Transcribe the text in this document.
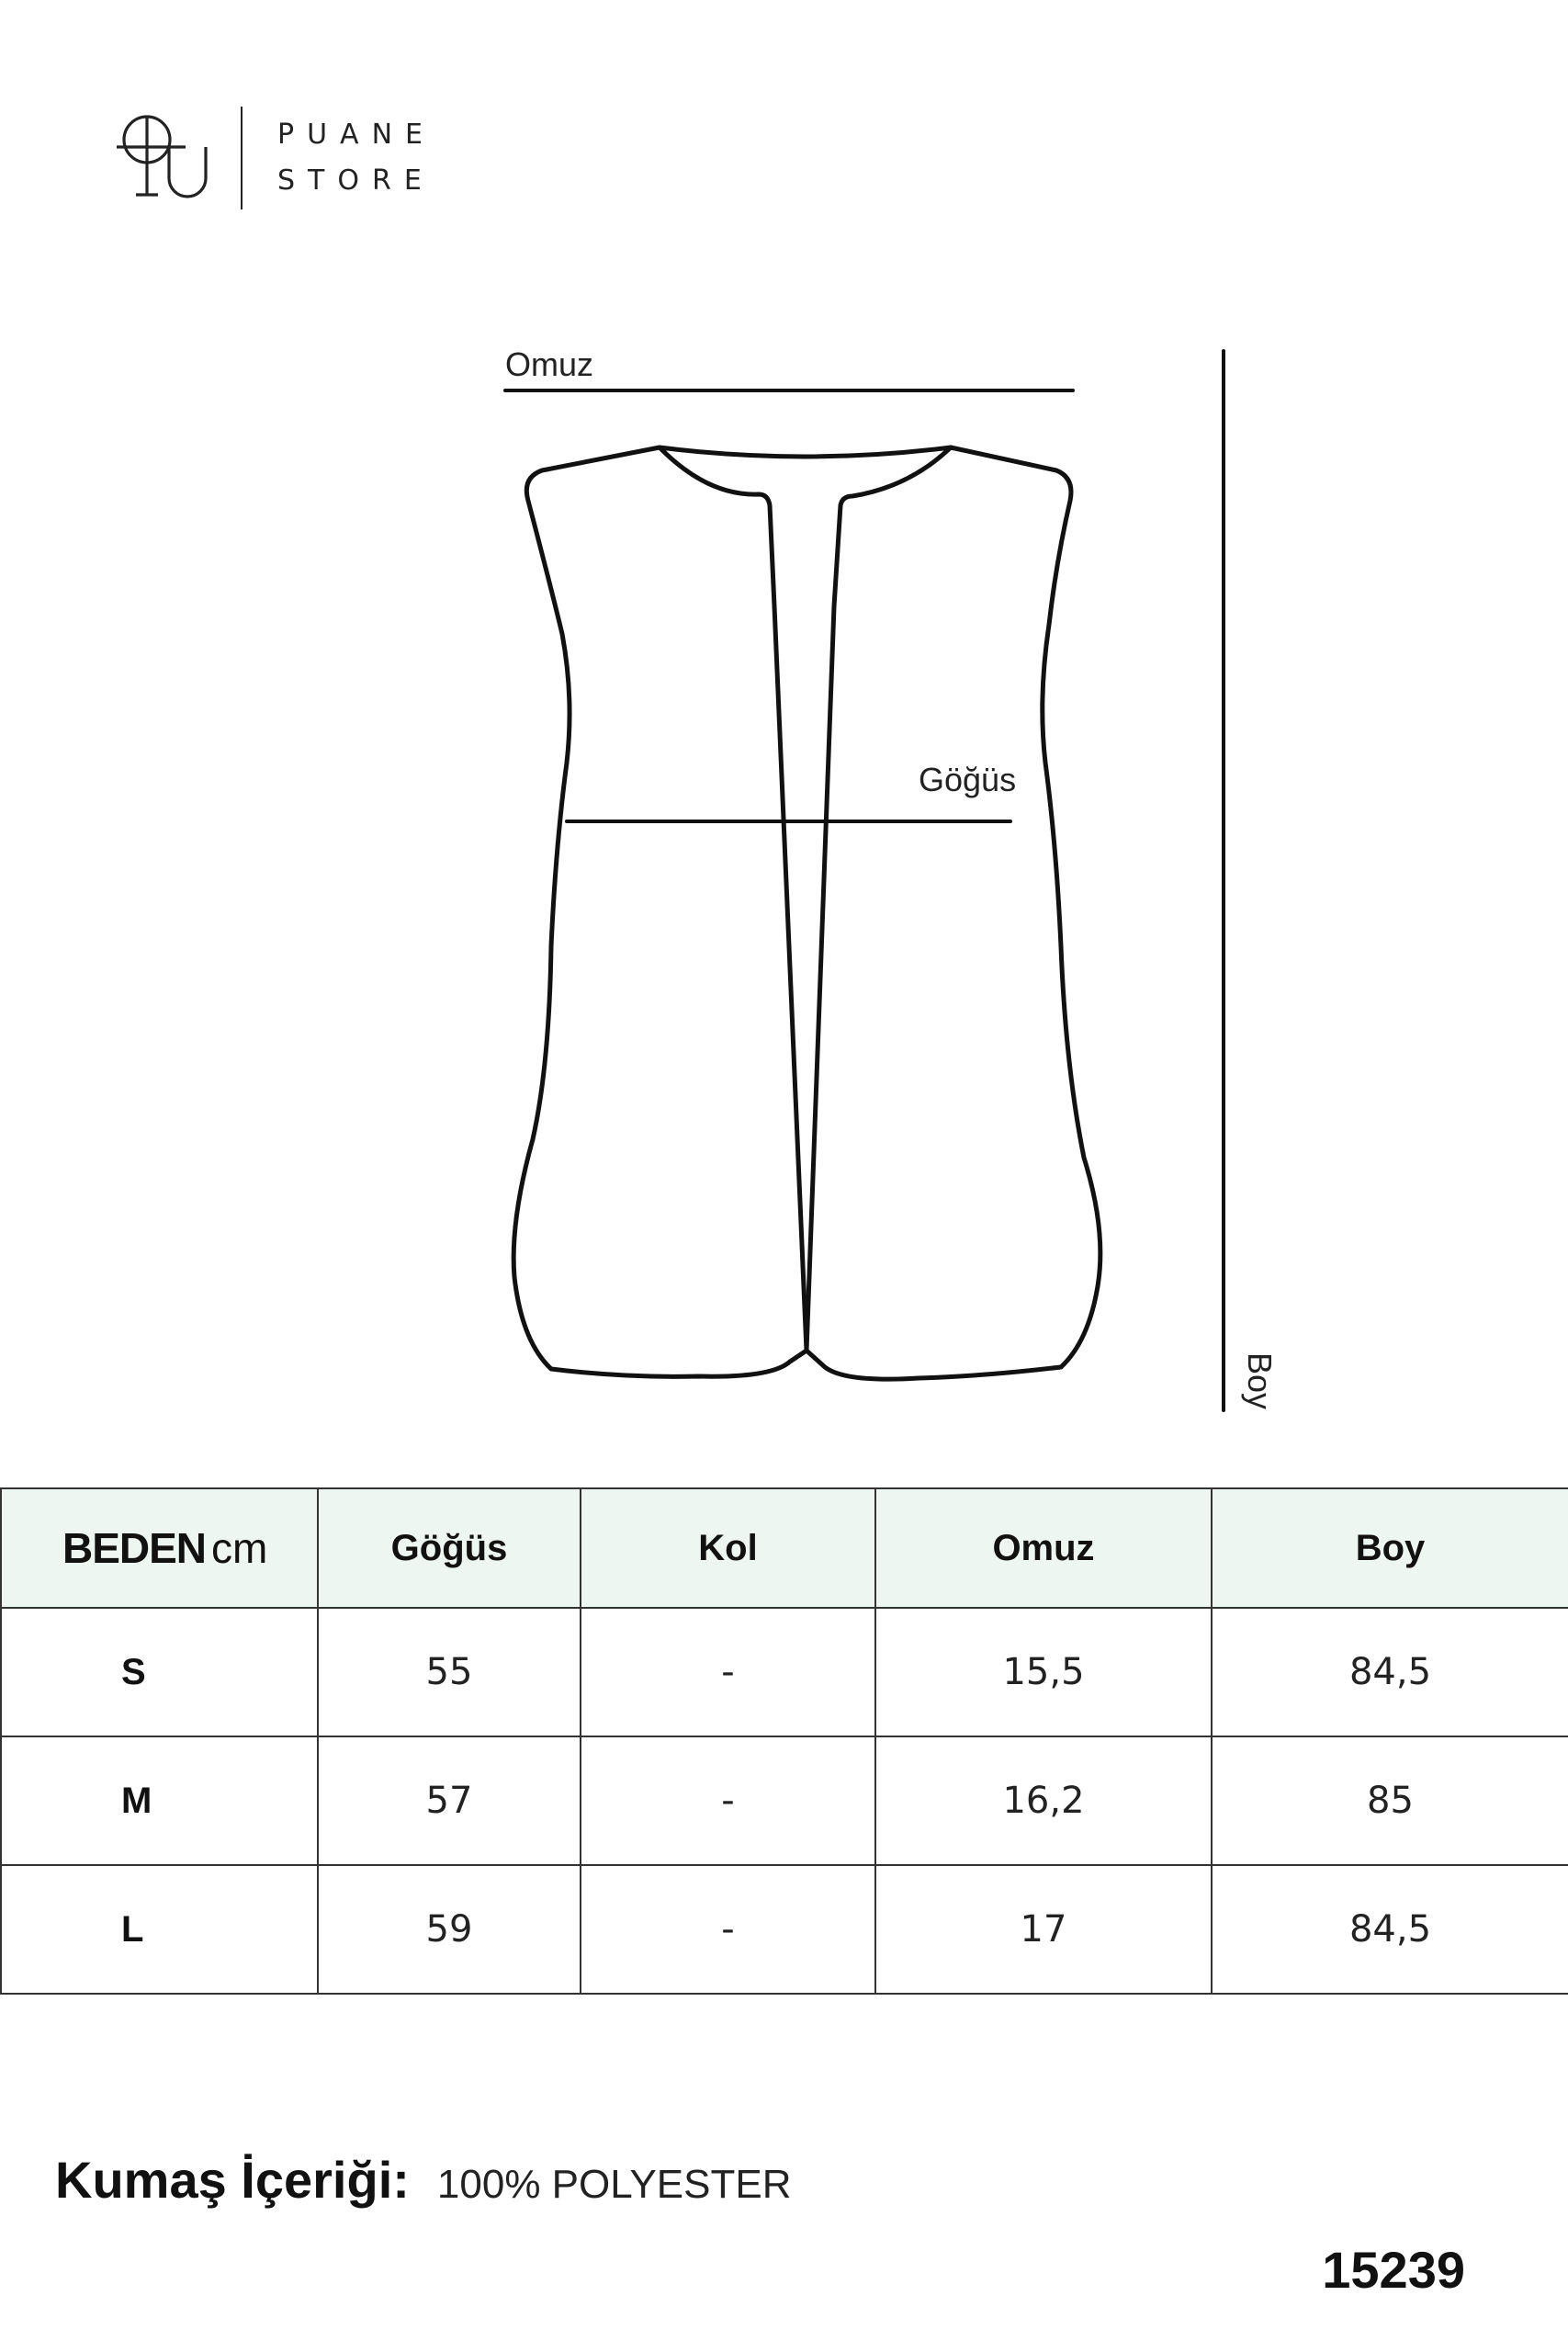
PUANE
STORE
Omuz
Göğüs
Boy
BEDEN cm	Göğüs	Kol	Omuz	Boy
S	55	-	15,5	84,5
M	57	-	16,2	85
L	59	-	17	84,5
Kumaş İçeriği: 100% POLYESTER
15239
